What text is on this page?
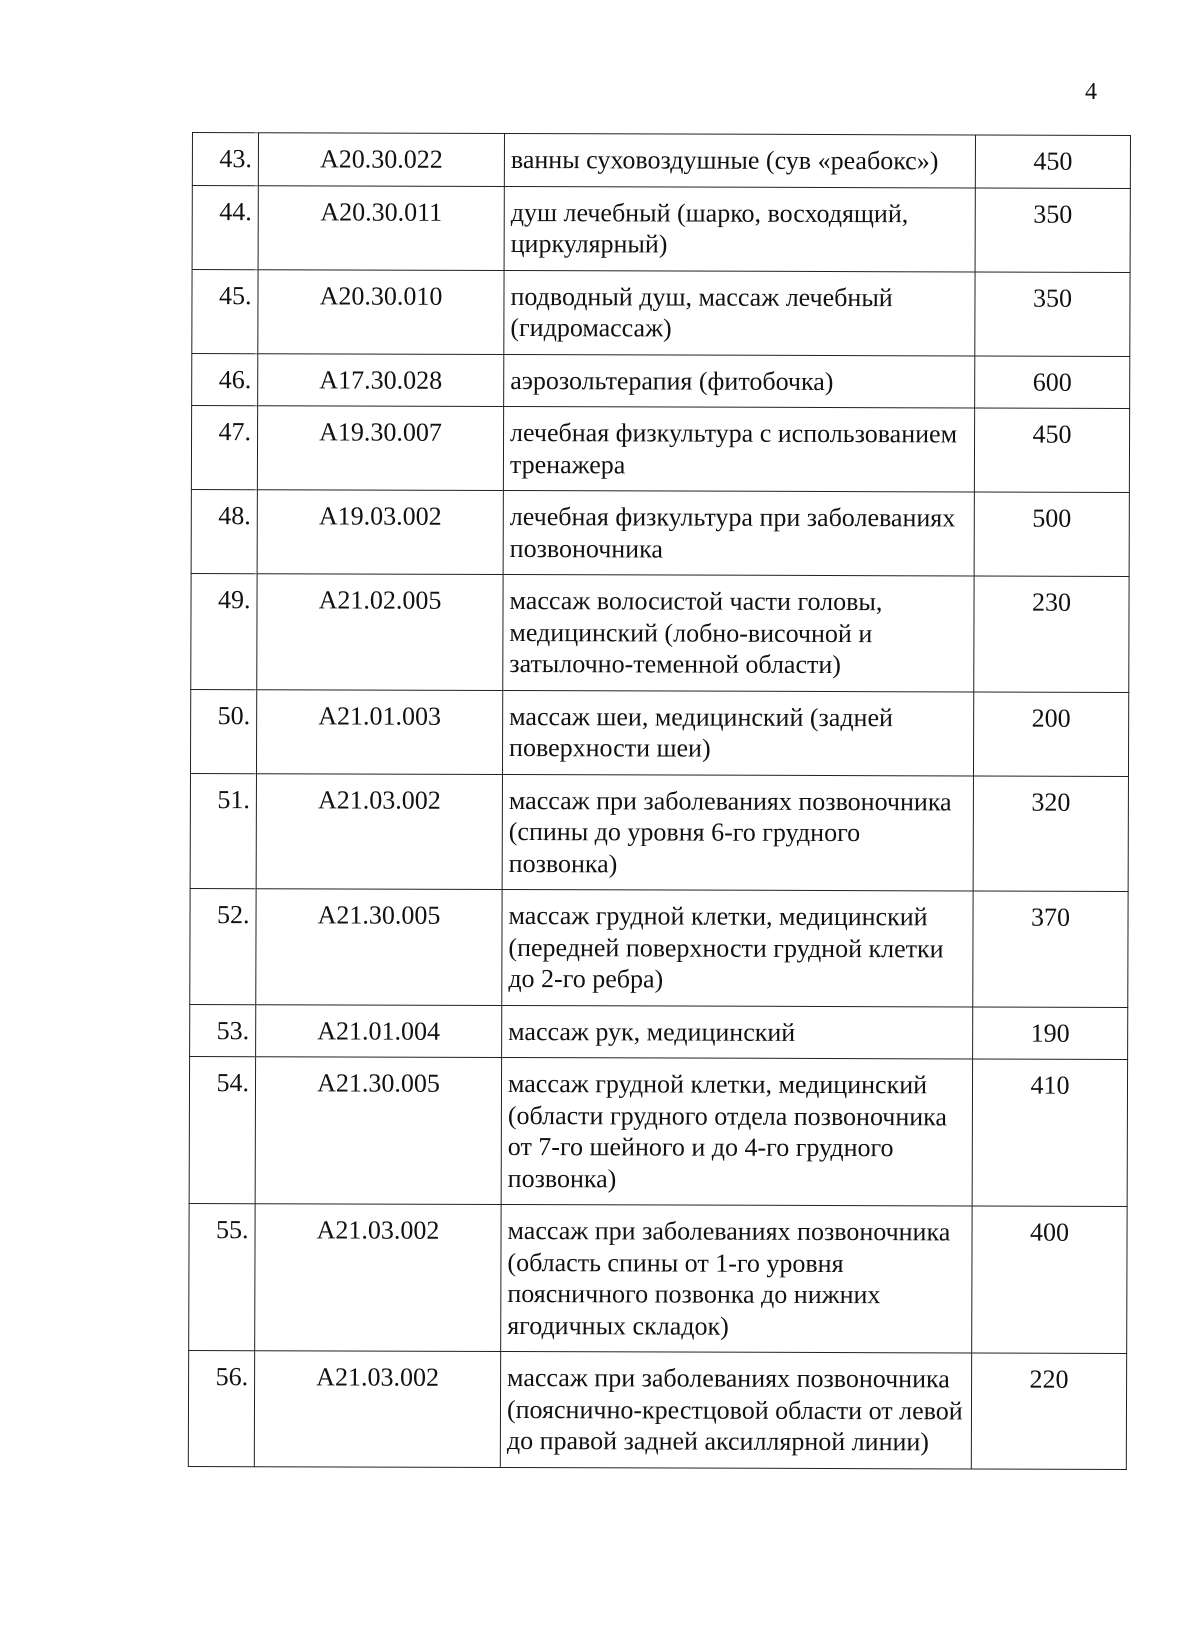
4
43.	A20.30.022	ванны суховоздушные (сув «реабокс»)	450
44.	A20.30.011	душ лечебный (шарко, восходящий, циркулярный)	350
45.	A20.30.010	подводный душ, массаж лечебный (гидромассаж)	350
46.	A17.30.028	аэрозольтерапия (фитобочка)	600
47.	A19.30.007	лечебная физкультура с использованием тренажера	450
48.	A19.03.002	лечебная физкультура при заболеваниях позвоночника	500
49.	A21.02.005	массаж волосистой части головы, медицинский (лобно-височной и затылочно-теменной области)	230
50.	A21.01.003	массаж шеи, медицинский (задней поверхности шеи)	200
51.	A21.03.002	массаж при заболеваниях позвоночника (спины до уровня 6-го грудного позвонка)	320
52.	A21.30.005	массаж грудной клетки, медицинский (передней поверхности грудной клетки до 2-го ребра)	370
53.	A21.01.004	массаж рук, медицинский	190
54.	A21.30.005	массаж грудной клетки, медицинский (области грудного отдела позвоночника от 7-го шейного и до 4-го грудного позвонка)	410
55.	A21.03.002	массаж при заболеваниях позвоночника (область спины от 1-го уровня поясничного позвонка до нижних ягодичных складок)	400
56.	A21.03.002	массаж при заболеваниях позвоночника (пояснично-крестцовой области от левой до правой задней аксиллярной линии)	220
